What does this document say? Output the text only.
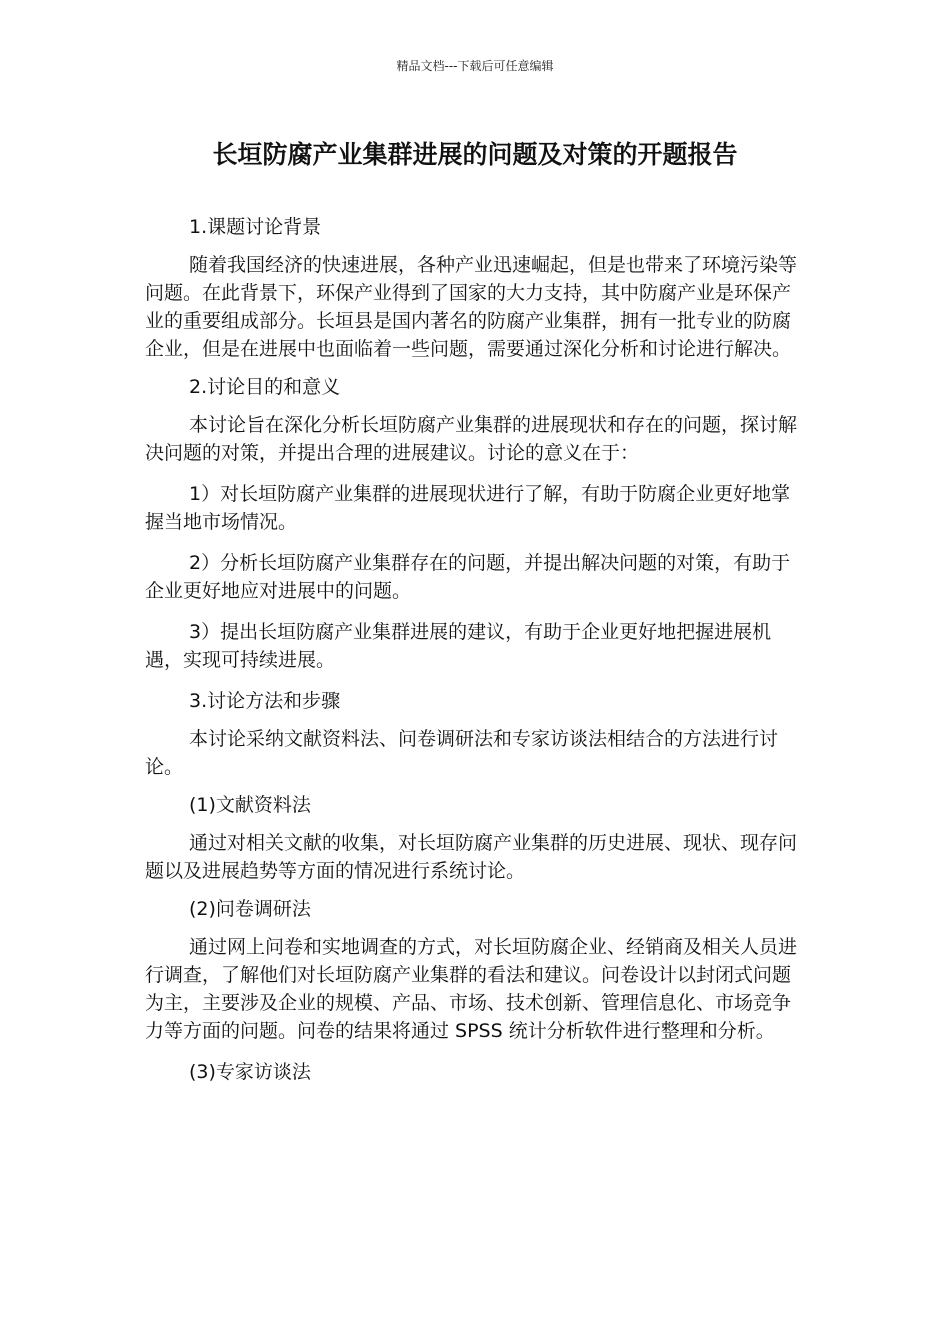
精品文档---下载后可任意编辑
长垣防腐产业集群进展的问题及对策的开题报告

1.课题讨论背景

随着我国经济的快速进展，各种产业迅速崛起，但是也带来了环境污染等问题。在此背景下，环保产业得到了国家的大力支持，其中防腐产业是环保产业的重要组成部分。长垣县是国内著名的防腐产业集群，拥有一批专业的防腐企业，但是在进展中也面临着一些问题，需要通过深化分析和讨论进行解决。

2.讨论目的和意义

本讨论旨在深化分析长垣防腐产业集群的进展现状和存在的问题，探讨解决问题的对策，并提出合理的进展建议。讨论的意义在于：

1）对长垣防腐产业集群的进展现状进行了解，有助于防腐企业更好地掌握当地市场情况。

2）分析长垣防腐产业集群存在的问题，并提出解决问题的对策，有助于企业更好地应对进展中的问题。

3）提出长垣防腐产业集群进展的建议，有助于企业更好地把握进展机遇，实现可持续进展。

3.讨论方法和步骤

本讨论采纳文献资料法、问卷调研法和专家访谈法相结合的方法进行讨论。

(1)文献资料法

通过对相关文献的收集，对长垣防腐产业集群的历史进展、现状、现存问题以及进展趋势等方面的情况进行系统讨论。

(2)问卷调研法

通过网上问卷和实地调查的方式，对长垣防腐企业、经销商及相关人员进行调查，了解他们对长垣防腐产业集群的看法和建议。问卷设计以封闭式问题为主，主要涉及企业的规模、产品、市场、技术创新、管理信息化、市场竞争力等方面的问题。问卷的结果将通过 SPSS 统计分析软件进行整理和分析。

(3)专家访谈法
